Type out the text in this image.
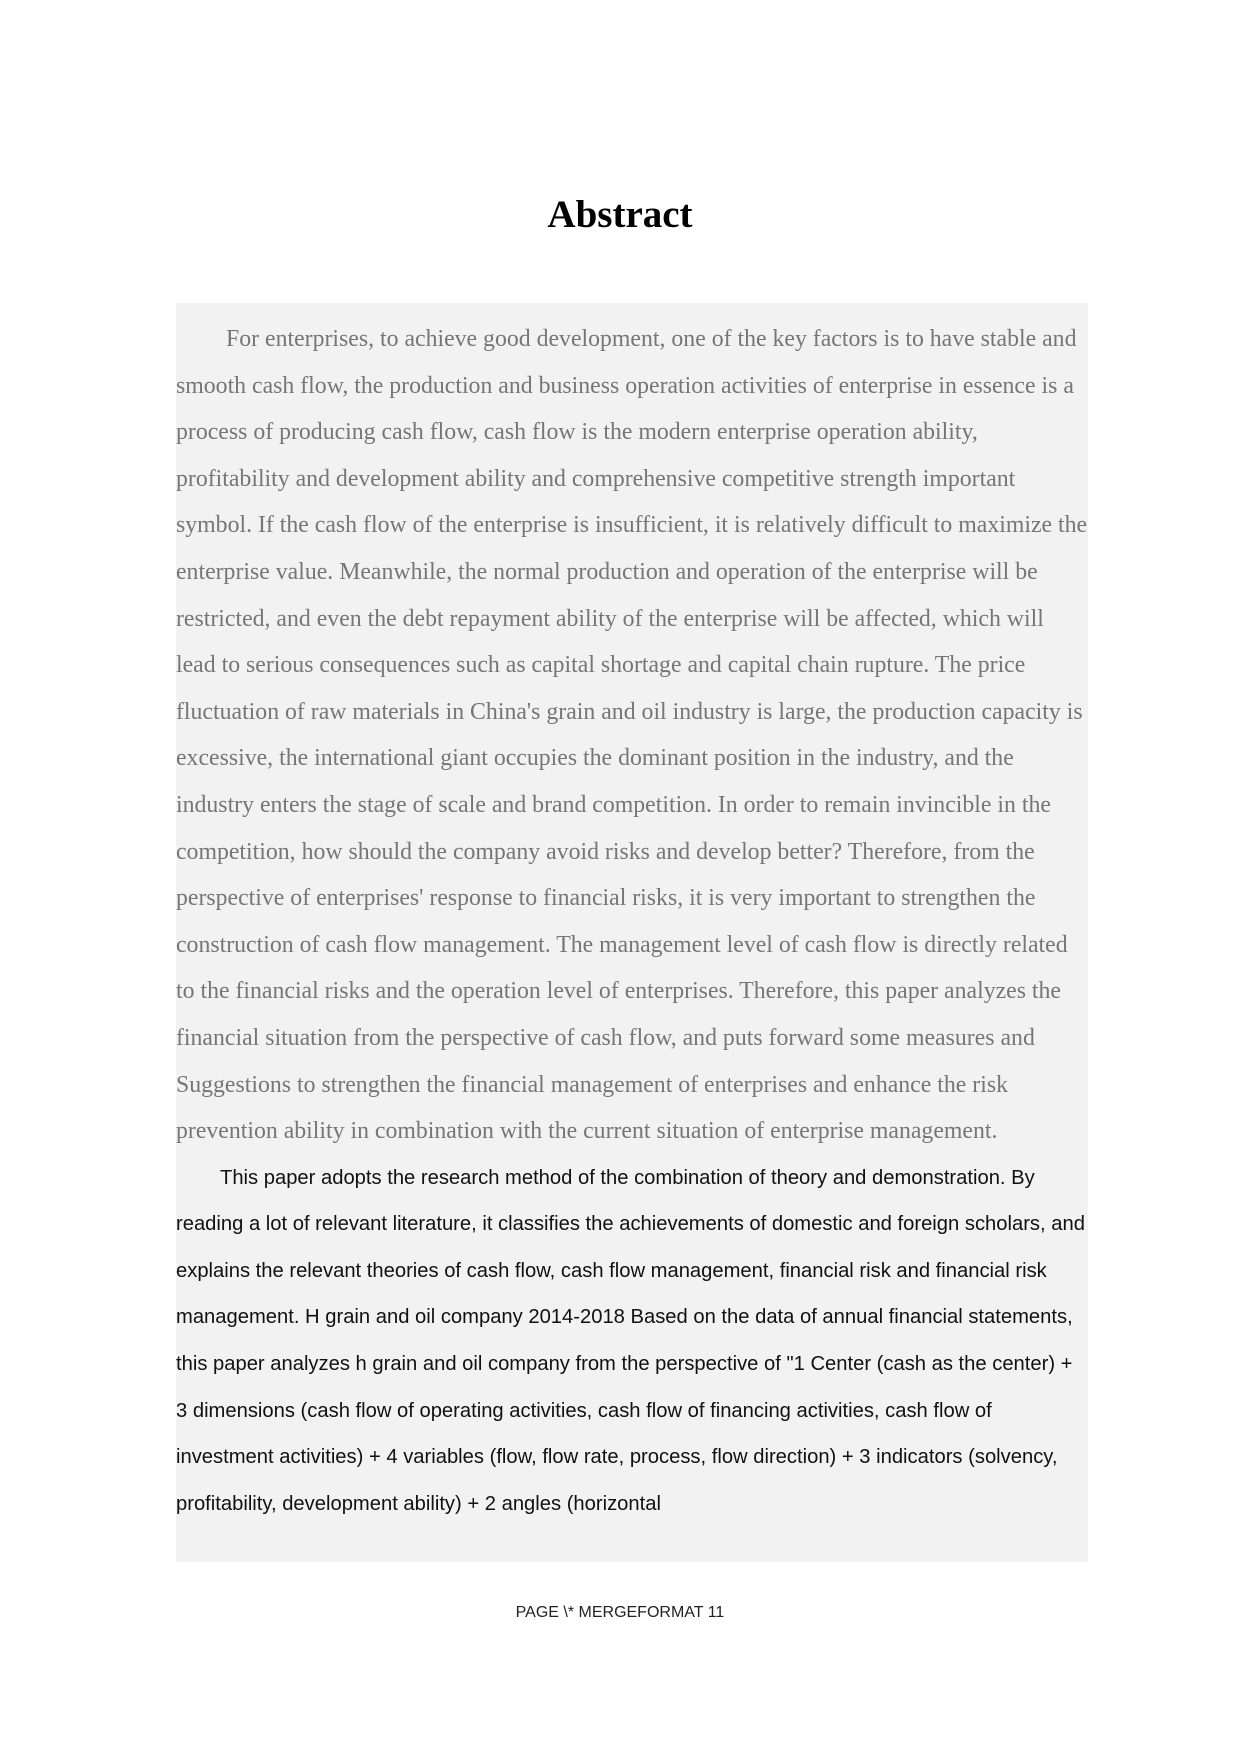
Abstract

For enterprises, to achieve good development, one of the key factors is to have stable and smooth cash flow, the production and business operation activities of enterprise in essence is a process of producing cash flow, cash flow is the modern enterprise operation ability, profitability and development ability and comprehensive competitive strength important symbol. If the cash flow of the enterprise is insufficient, it is relatively difficult to maximize the enterprise value. Meanwhile, the normal production and operation of the enterprise will be restricted, and even the debt repayment ability of the enterprise will be affected, which will lead to serious consequences such as capital shortage and capital chain rupture. The price fluctuation of raw materials in China's grain and oil industry is large, the production capacity is excessive, the international giant occupies the dominant position in the industry, and the industry enters the stage of scale and brand competition. In order to remain invincible in the competition, how should the company avoid risks and develop better? Therefore, from the perspective of enterprises' response to financial risks, it is very important to strengthen the construction of cash flow management. The management level of cash flow is directly related to the financial risks and the operation level of enterprises. Therefore, this paper analyzes the financial situation from the perspective of cash flow, and puts forward some measures and Suggestions to strengthen the financial management of enterprises and enhance the risk prevention ability in combination with the current situation of enterprise management.

This paper adopts the research method of the combination of theory and demonstration. By reading a lot of relevant literature, it classifies the achievements of domestic and foreign scholars, and explains the relevant theories of cash flow, cash flow management, financial risk and financial risk management. H grain and oil company 2014-2018 Based on the data of annual financial statements, this paper analyzes h grain and oil company from the perspective of "1 Center (cash as the center) + 3 dimensions (cash flow of operating activities, cash flow of financing activities, cash flow of investment activities) + 4 variables (flow, flow rate, process, flow direction) + 3 indicators (solvency, profitability, development ability) + 2 angles (horizontal

PAGE \* MERGEFORMAT 11
